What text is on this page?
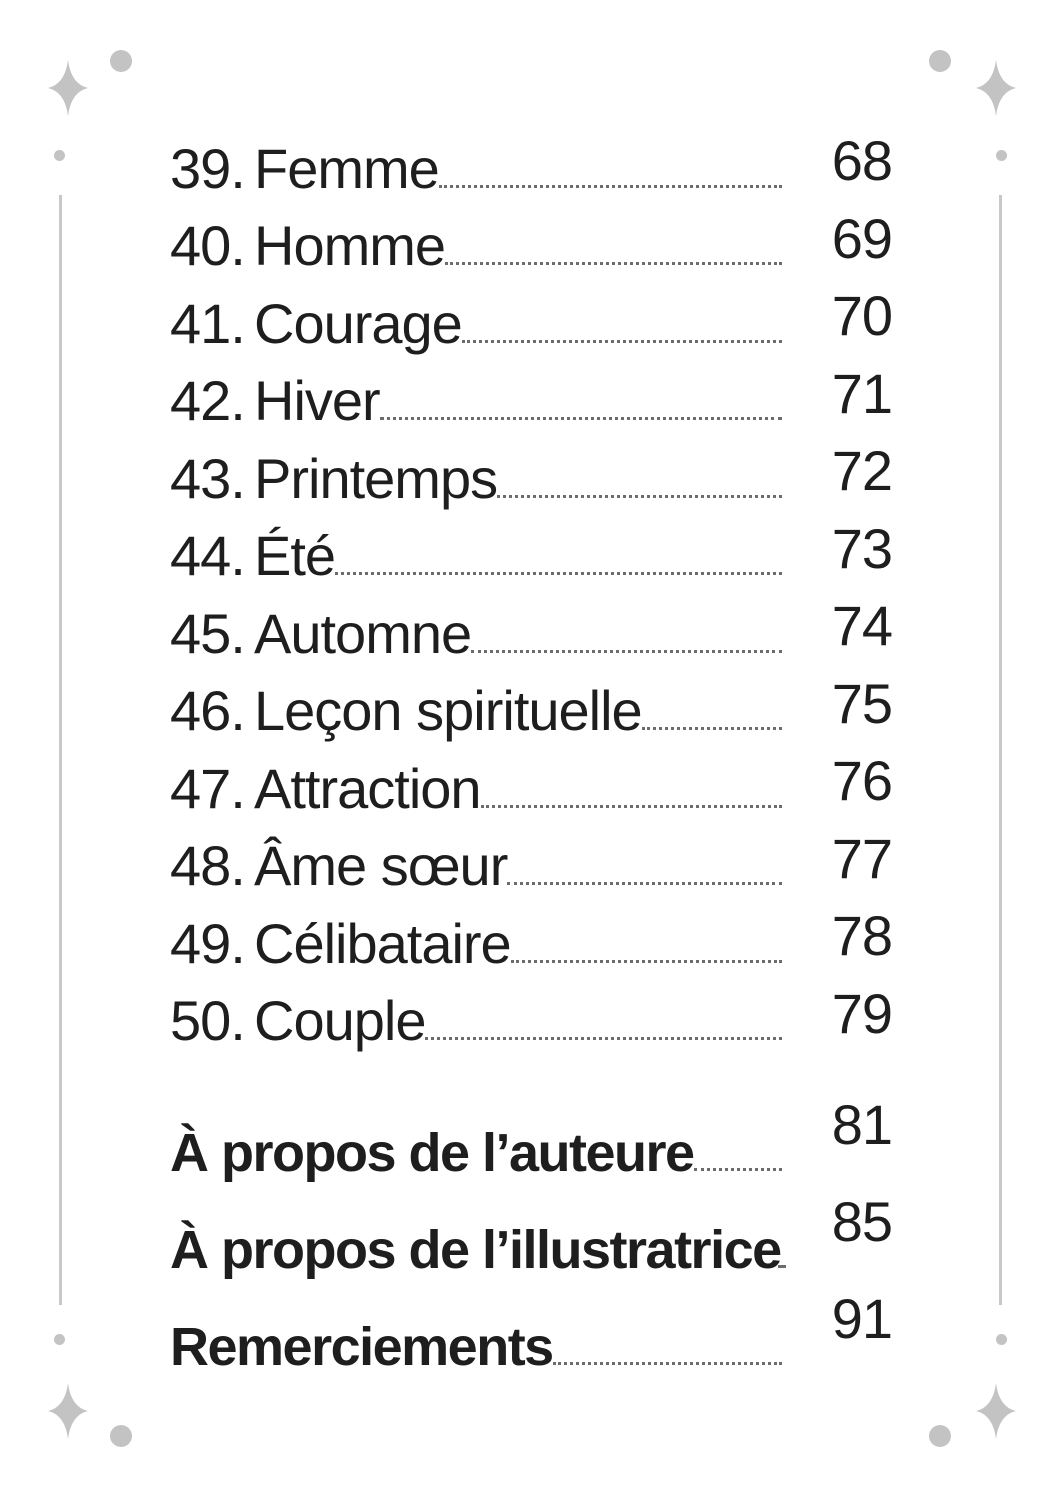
39. Femme	68
40. Homme	69
41. Courage	70
42. Hiver	71
43. Printemps	72
44. Été	73
45. Automne	74
46. Leçon spirituelle	75
47. Attraction	76
48. Âme sœur	77
49. Célibataire	78
50. Couple	79
À propos de l’auteure	81
À propos de l’illustratrice 85
Remerciements	91
